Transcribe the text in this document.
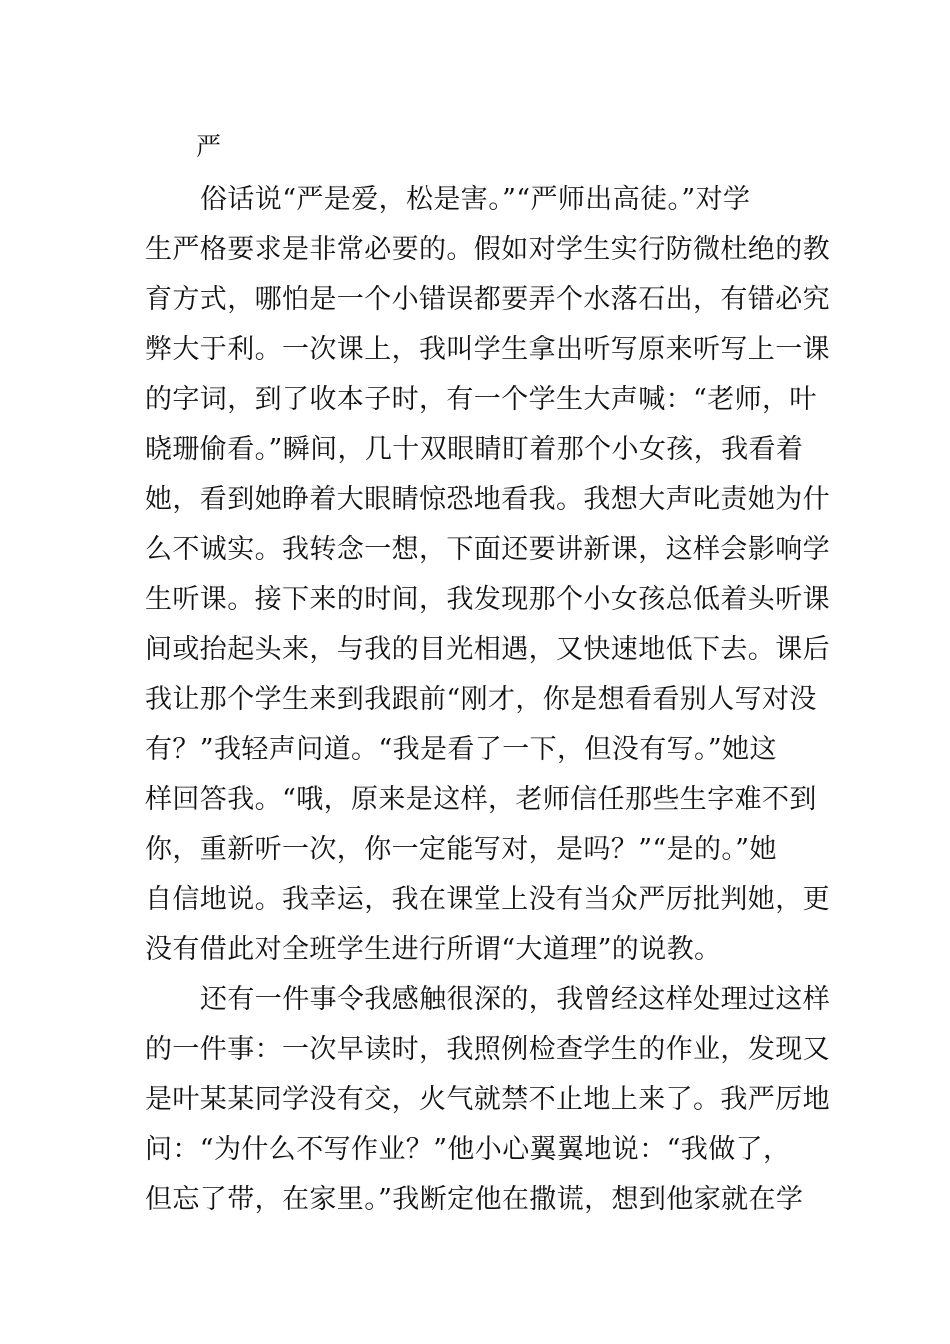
严
俗话说“严是爱，松是害。”“严师出高徒。”对学
生严格要求是非常必要的。假如对学生实行防微杜绝的教
育方式，哪怕是一个小错误都要弄个水落石出，有错必究
弊大于利。一次课上，我叫学生拿出听写原来听写上一课
的字词，到了收本子时，有一个学生大声喊：“老师，叶
晓珊偷看。”瞬间，几十双眼睛盯着那个小女孩，我看着
她，看到她睁着大眼睛惊恐地看我。我想大声叱责她为什
么不诚实。我转念一想，下面还要讲新课，这样会影响学
生听课。接下来的时间，我发现那个小女孩总低着头听课
间或抬起头来，与我的目光相遇，又快速地低下去。课后
我让那个学生来到我跟前“刚才，你是想看看别人写对没
有？”我轻声问道。“我是看了一下，但没有写。”她这
样回答我。“哦，原来是这样，老师信任那些生字难不到
你，重新听一次，你一定能写对，是吗？”“是的。”她
自信地说。我幸运，我在课堂上没有当众严厉批判她，更
没有借此对全班学生进行所谓“大道理”的说教。
还有一件事令我感触很深的，我曾经这样处理过这样
的一件事：一次早读时，我照例检查学生的作业，发现又
是叶某某同学没有交，火气就禁不止地上来了。我严厉地
问：“为什么不写作业？”他小心翼翼地说：“我做了，
但忘了带，在家里。”我断定他在撒谎，想到他家就在学
